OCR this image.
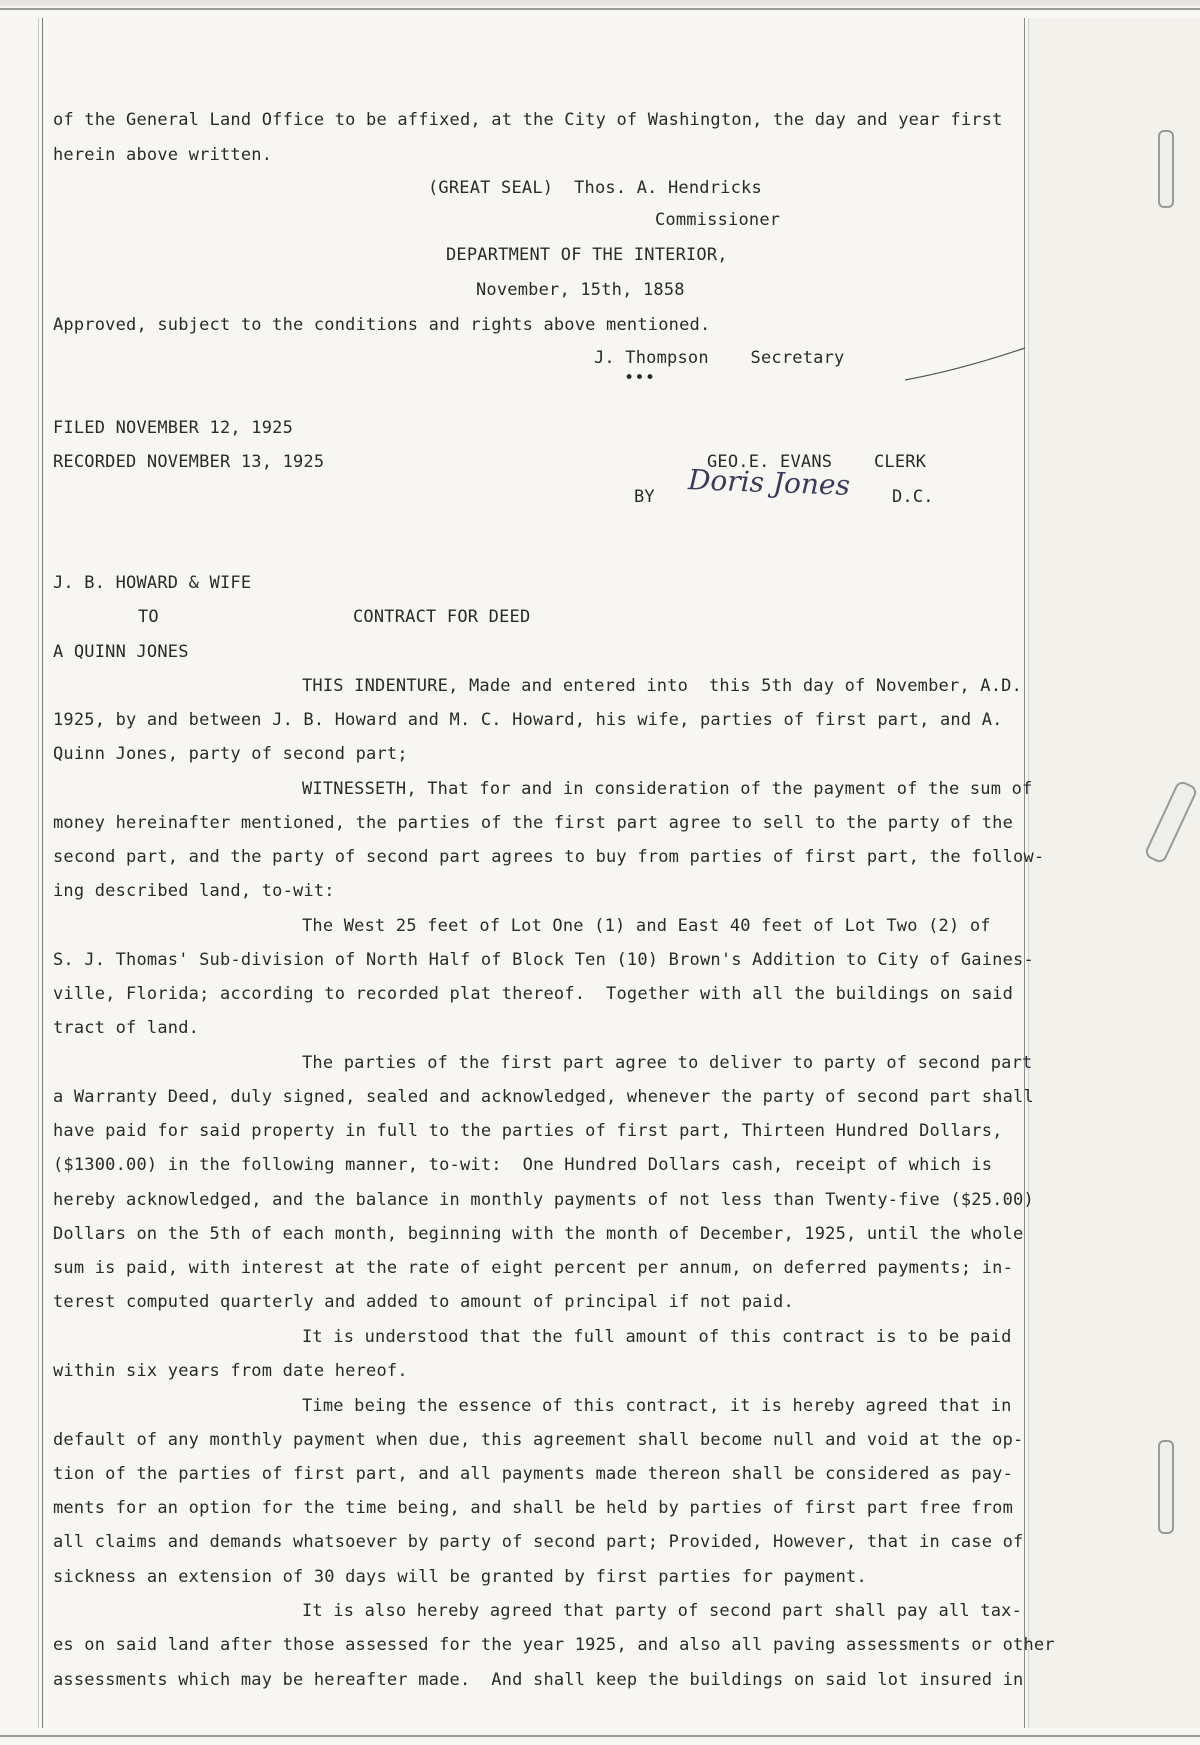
of the General Land Office to be affixed, at the City of Washington, the day and year first
herein above written.
(GREAT SEAL)  Thos. A. Hendricks
Commissioner
DEPARTMENT OF THE INTERIOR,
November, 15th, 1858
Approved, subject to the conditions and rights above mentioned.
J. Thompson    Secretary
•••
FILED NOVEMBER 12, 1925
RECORDED NOVEMBER 13, 1925	GEO.E. EVANS    CLERK
BY Doris Jones D.C.
J. B. HOWARD & WIFE
TO	CONTRACT FOR DEED
A QUINN JONES
THIS INDENTURE, Made and entered into  this 5th day of November, A.D.
1925, by and between J. B. Howard and M. C. Howard, his wife, parties of first part, and A.
Quinn Jones, party of second part;
WITNESSETH, That for and in consideration of the payment of the sum of
money hereinafter mentioned, the parties of the first part agree to sell to the party of the
second part, and the party of second part agrees to buy from parties of first part, the follow-
ing described land, to-wit:
The West 25 feet of Lot One (1) and East 40 feet of Lot Two (2) of
S. J. Thomas' Sub-division of North Half of Block Ten (10) Brown's Addition to City of Gaines-
ville, Florida; according to recorded plat thereof.  Together with all the buildings on said
tract of land.
The parties of the first part agree to deliver to party of second part
a Warranty Deed, duly signed, sealed and acknowledged, whenever the party of second part shall
have paid for said property in full to the parties of first part, Thirteen Hundred Dollars,
($1300.00) in the following manner, to-wit:  One Hundred Dollars cash, receipt of which is
hereby acknowledged, and the balance in monthly payments of not less than Twenty-five ($25.00)
Dollars on the 5th of each month, beginning with the month of December, 1925, until the whole
sum is paid, with interest at the rate of eight percent per annum, on deferred payments; in-
terest computed quarterly and added to amount of principal if not paid.
It is understood that the full amount of this contract is to be paid
within six years from date hereof.
Time being the essence of this contract, it is hereby agreed that in
default of any monthly payment when due, this agreement shall become null and void at the op-
tion of the parties of first part, and all payments made thereon shall be considered as pay-
ments for an option for the time being, and shall be held by parties of first part free from
all claims and demands whatsoever by party of second part; Provided, However, that in case of
sickness an extension of 30 days will be granted by first parties for payment.
It is also hereby agreed that party of second part shall pay all tax-
es on said land after those assessed for the year 1925, and also all paving assessments or other
assessments which may be hereafter made.  And shall keep the buildings on said lot insured in
